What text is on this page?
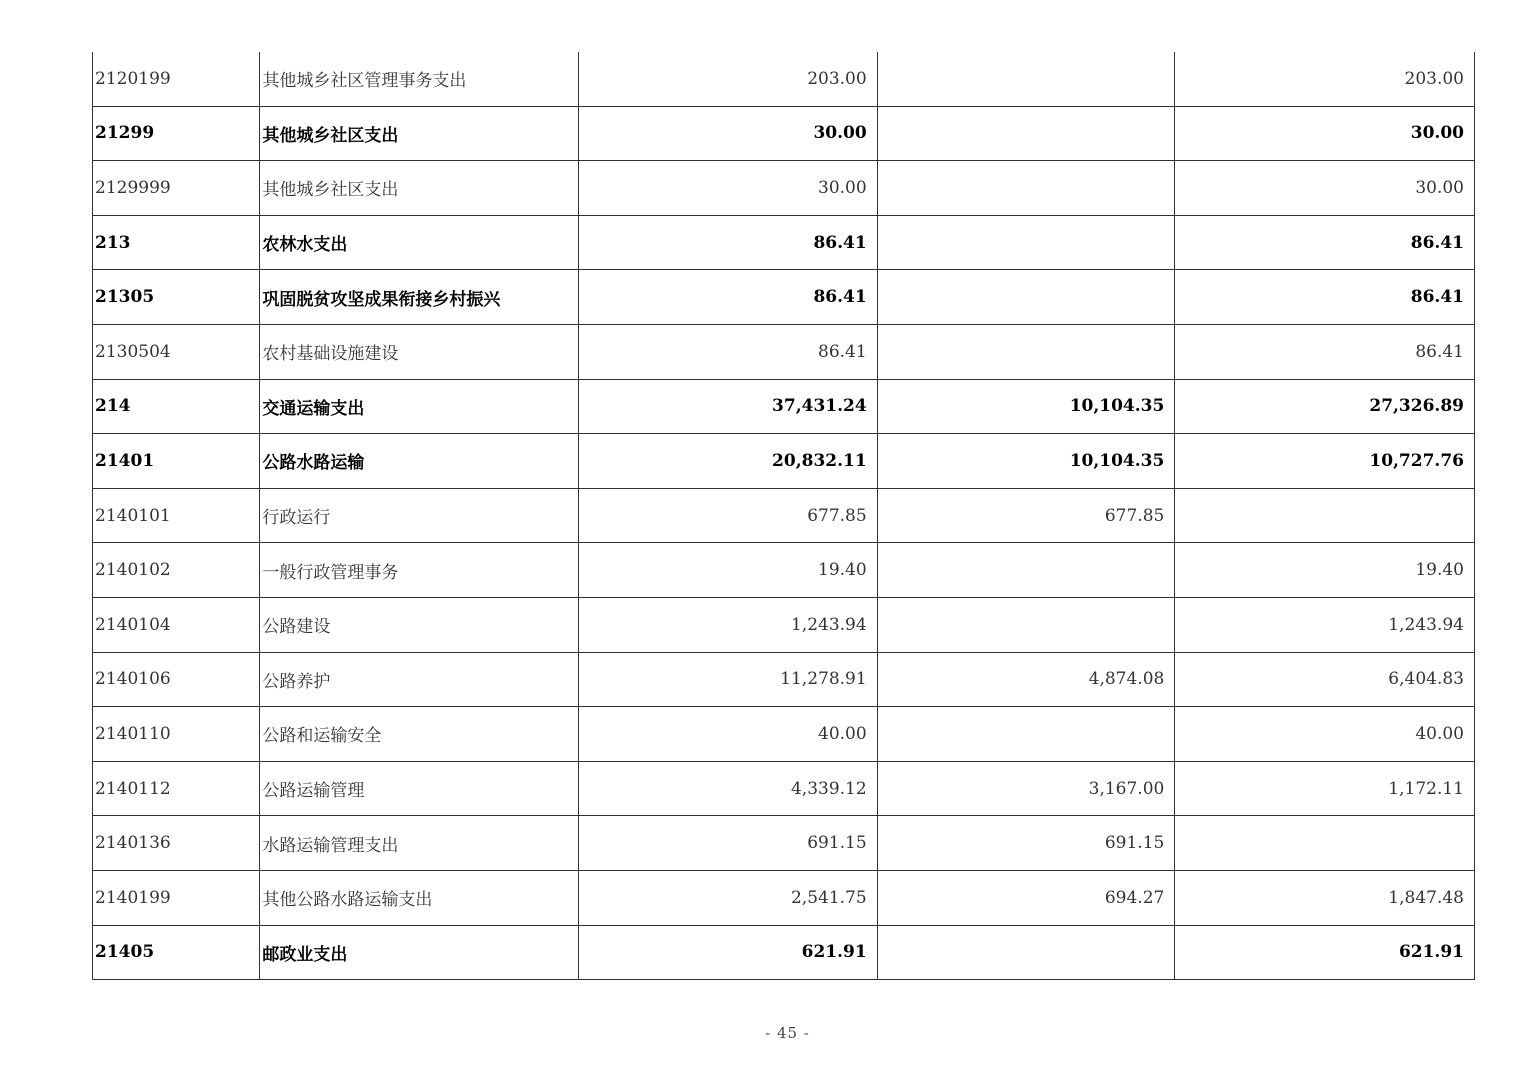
2120199	其他城乡社区管理事务支出	203.00		203.00
21299	其他城乡社区支出	30.00		30.00
2129999	其他城乡社区支出	30.00		30.00
213	农林水支出	86.41		86.41
21305	巩固脱贫攻坚成果衔接乡村振兴	86.41		86.41
2130504	农村基础设施建设	86.41		86.41
214	交通运输支出	37,431.24	10,104.35	27,326.89
21401	公路水路运输	20,832.11	10,104.35	10,727.76
2140101	行政运行	677.85	677.85	
2140102	一般行政管理事务	19.40		19.40
2140104	公路建设	1,243.94		1,243.94
2140106	公路养护	11,278.91	4,874.08	6,404.83
2140110	公路和运输安全	40.00		40.00
2140112	公路运输管理	4,339.12	3,167.00	1,172.11
2140136	水路运输管理支出	691.15	691.15	
2140199	其他公路水路运输支出	2,541.75	694.27	1,847.48
21405	邮政业支出	621.91		621.91
- 45 -
